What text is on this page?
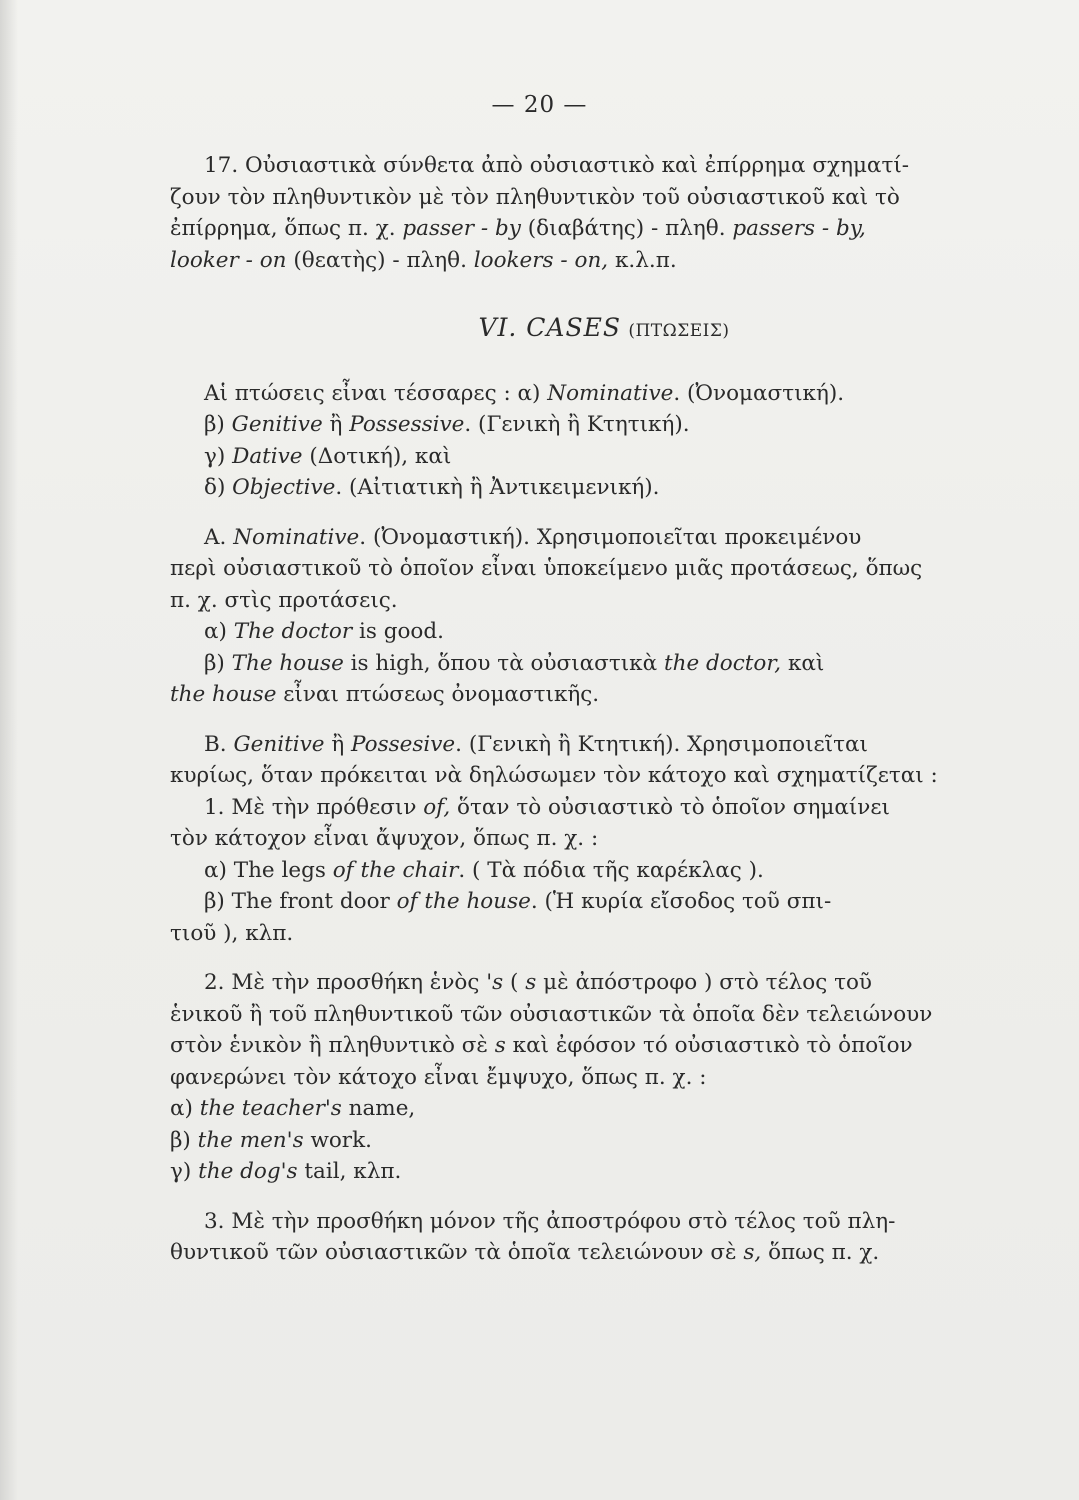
— 20 —

17. Οὐσιαστικὰ σύνθετα ἀπὸ οὐσιαστικὸ καὶ ἐπίρρημα σχηματί-

ζουν τὸν πληθυντικὸν μὲ τὸν πληθυντικὸν τοῦ οὐσιαστικοῦ καὶ τὸ

ἐπίρρημα, ὅπως π. χ. passer - by (διαβάτης) - πληθ. passers - by,

looker - on (θεατὴς) - πληθ. lookers - on, κ.λ.π.

VI. CASES (ΠΤΩΣΕΙΣ)

Αἱ πτώσεις εἶναι τέσσαρες : α) Nominative. (Ὀνομαστική).

β) Genitive ἢ Possessive. (Γενικὴ ἢ Κτητική).

γ) Dative (Δοτική), καὶ

δ) Objective. (Αἰτιατικὴ ἢ Ἀντικειμενική).

A. Nominative. (Ὀνομαστική). Χρησιμοποιεῖται προκειμένου

περὶ οὐσιαστικοῦ τὸ ὁποῖον εἶναι ὑποκείμενο μιᾶς προτάσεως, ὅπως

π. χ. στὶς προτάσεις.

α) The doctor is good.

β) The house is high, ὅπου τὰ οὐσιαστικὰ the doctor, καὶ

the house εἶναι πτώσεως ὀνομαστικῆς.

B. Genitive ἢ Possesive. (Γενικὴ ἢ Κτητική). Χρησιμοποιεῖται

κυρίως, ὅταν πρόκειται νὰ δηλώσωμεν τὸν κάτοχο καὶ σχηματίζεται :

1. Μὲ τὴν πρόθεσιν of, ὅταν τὸ οὐσιαστικὸ τὸ ὁποῖον σημαίνει

τὸν κάτοχον εἶναι ἄψυχον, ὅπως π. χ. :

α) The legs of the chair. ( Τὰ πόδια τῆς καρέκλας ).

β) The front door of the house. (Ἡ κυρία εἴσοδος τοῦ σπι-

τιοῦ ), κλπ.

2. Μὲ τὴν προσθήκη ἑνὸς 's ( s μὲ ἀπόστροφο ) στὸ τέλος τοῦ

ἑνικοῦ ἢ τοῦ πληθυντικοῦ τῶν οὐσιαστικῶν τὰ ὁποῖα δὲν τελειώνουν

στὸν ἑνικὸν ἢ πληθυντικὸ σὲ s καὶ ἐφόσον τό οὐσιαστικὸ τὸ ὁποῖον

φανερώνει τὸν κάτοχο εἶναι ἔμψυχο, ὅπως π. χ. :

α) the teacher's name,

β) the men's work.

γ) the dog's tail, κλπ.

3. Μὲ τὴν προσθήκη μόνον τῆς ἀποστρόφου στὸ τέλος τοῦ πλη-

θυντικοῦ τῶν οὐσιαστικῶν τὰ ὁποῖα τελειώνουν σὲ s, ὅπως π. χ.
